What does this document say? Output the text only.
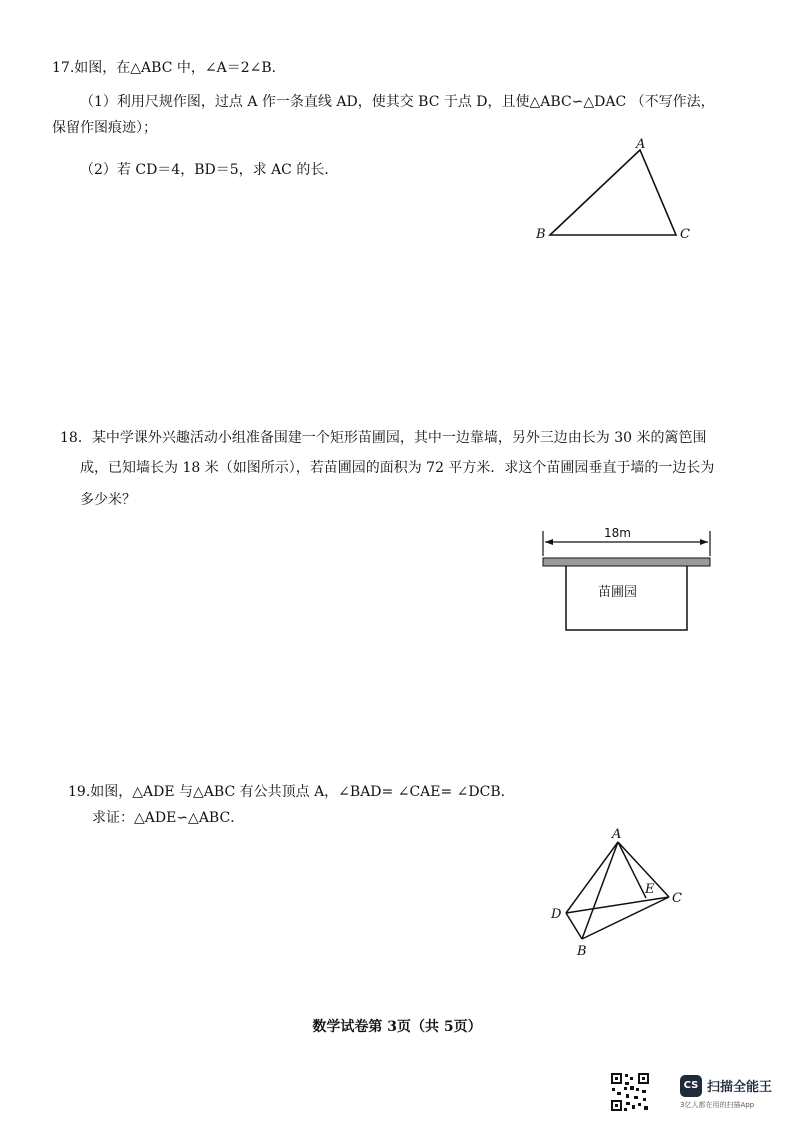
17.如图，在△ABC 中，∠A＝2∠B．
（1）利用尺规作图，过点 A 作一条直线 AD，使其交 BC 于点 D，且使△ABC∽△DAC （不写作法，
保留作图痕迹）；
（2）若 CD＝4，BD＝5，求 AC 的长．
A
B	C
18．某中学课外兴趣活动小组准备围建一个矩形苗圃园，其中一边靠墙，另外三边由长为 30 米的篱笆围
成，已知墙长为 18 米（如图所示），若苗圃园的面积为 72 平方米．求这个苗圃园垂直于墙的一边长为
多少米？
18m
苗圃园
19.如图，△ADE 与△ABC 有公共顶点 A，∠BAD= ∠CAE= ∠DCB．
求证：△ADE∽△ABC．
A
D
E
C
B
数学试卷第 3页（共 5页）
CS 扫描全能王
3亿人都在用的扫描App
